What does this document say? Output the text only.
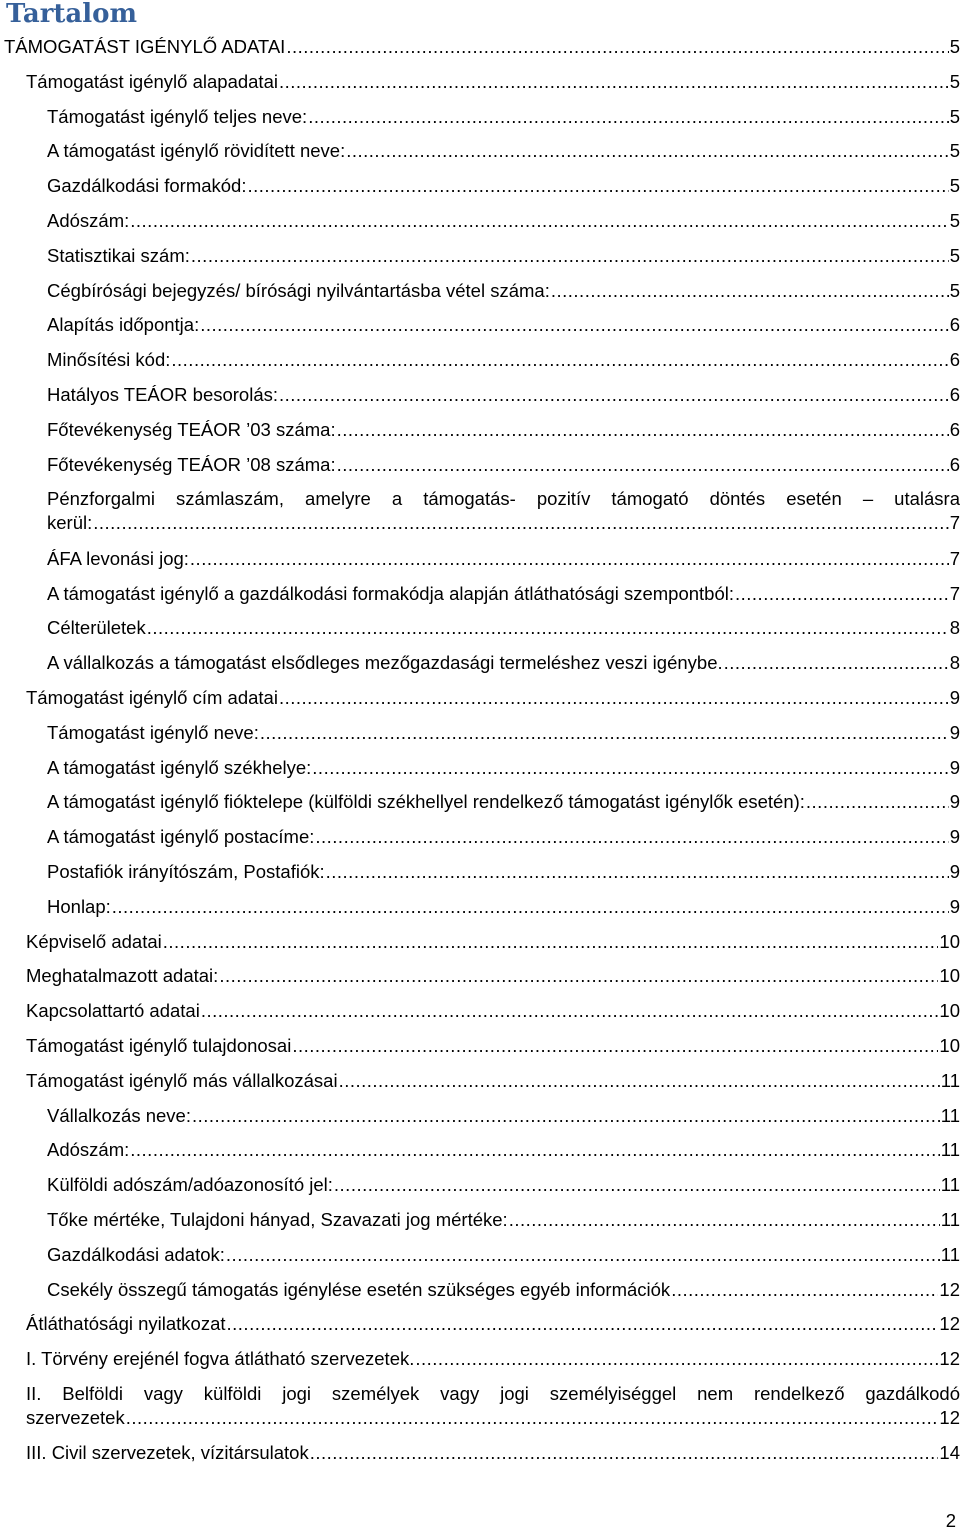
Tartalom
TÁMOGATÁST IGÉNYLŐ ADATAI .....	5
Támogatást igénylő alapadatai .....	5
Támogatást igénylő teljes neve: .....	5
A támogatást igénylő rövidített neve: .....	5
Gazdálkodási formakód: .....	5
Adószám: .....	5
Statisztikai szám: .....	5
Cégbírósági bejegyzés/ bírósági nyilvántartásba vétel száma: .....	5
Alapítás időpontja: .....	6
Minősítési kód: .....	6
Hatályos TEÁOR besorolás: .....	6
Főtevékenység TEÁOR ’03 száma: .....	6
Főtevékenység TEÁOR ’08 száma: .....	6
Pénzforgalmi számlaszám, amelyre a támogatás- pozitív támogató döntés esetén – utalásra
kerül: .....	7
ÁFA levonási jog: .....	7
A támogatást igénylő a gazdálkodási formakódja alapján átláthatósági szempontból: .....	7
Célterületek .....	8
A vállalkozás a támogatást elsődleges mezőgazdasági termeléshez veszi igénybe. .....	8
Támogatást igénylő cím adatai .....	9
Támogatást igénylő neve: .....	9
A támogatást igénylő székhelye: .....	9
A támogatást igénylő fióktelepe (külföldi székhellyel rendelkező támogatást igénylők esetén): .....	9
A támogatást igénylő postacíme: .....	9
Postafiók irányítószám, Postafiók: .....	9
Honlap: .....	9
Képviselő adatai .....	10
Meghatalmazott adatai: .....	10
Kapcsolattartó adatai .....	10
Támogatást igénylő tulajdonosai .....	10
Támogatást igénylő más vállalkozásai .....	11
Vállalkozás neve: .....	11
Adószám: .....	11
Külföldi adószám/adóazonosító jel: .....	11
Tőke mértéke, Tulajdoni hányad, Szavazati jog mértéke: .....	11
Gazdálkodási adatok: .....	11
Csekély összegű támogatás igénylése esetén szükséges egyéb információk .....	12
Átláthatósági nyilatkozat .....	12
I. Törvény erejénél fogva átlátható szervezetek. .....	12
II. Belföldi vagy külföldi jogi személyek vagy jogi személyiséggel nem rendelkező gazdálkodó
szervezetek .....	12
III. Civil szervezetek, vízitársulatok .....	14
2
